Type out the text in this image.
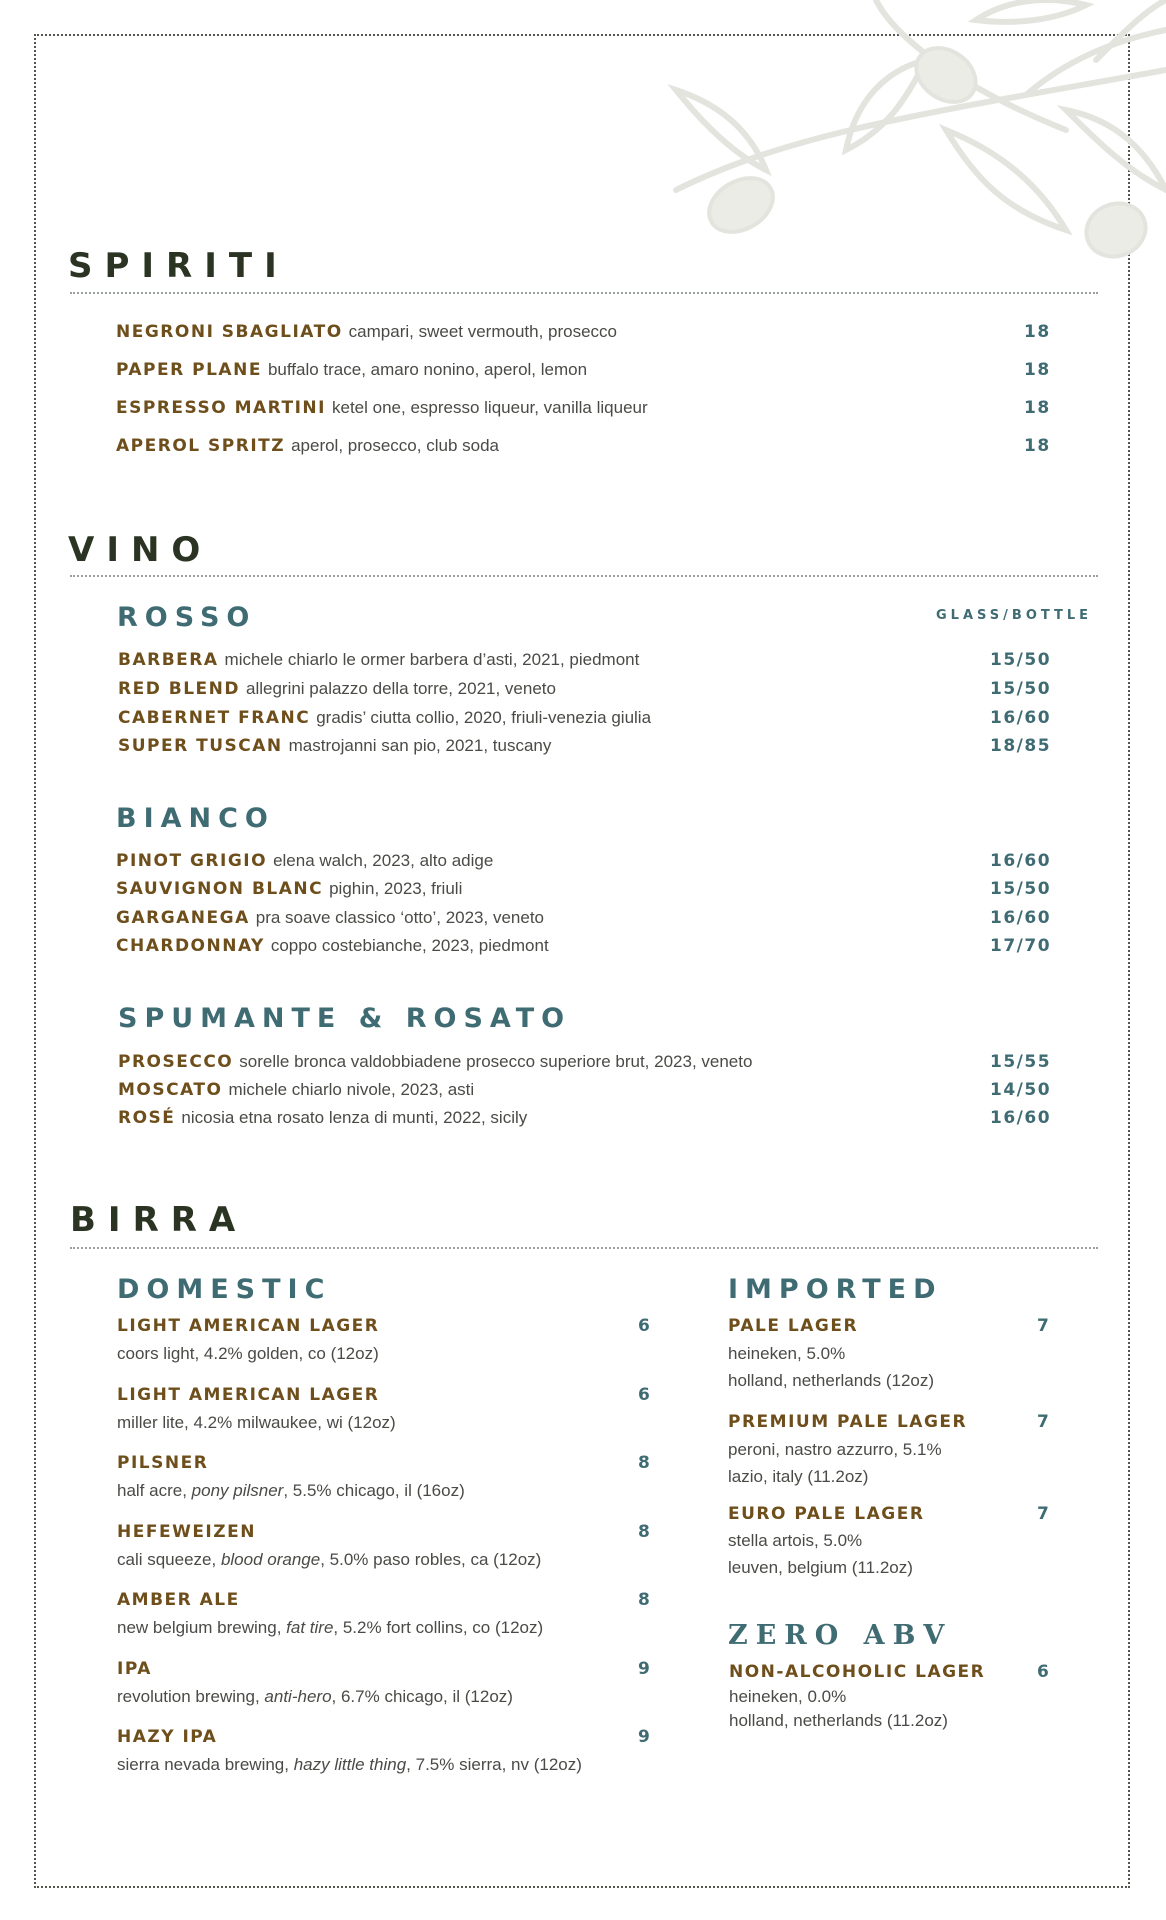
SPIRITI
NEGRONI SBAGLIATO campari, sweet vermouth, prosecco	18
PAPER PLANE buffalo trace, amaro nonino, aperol, lemon	18
ESPRESSO MARTINI ketel one, espresso liqueur, vanilla liqueur	18
APEROL SPRITZ aperol, prosecco, club soda	18
VINO
ROSSO	GLASS/BOTTLE
BARBERA michele chiarlo le ormer barbera d’asti, 2021, piedmont	15/50
RED BLEND allegrini palazzo della torre, 2021, veneto	15/50
CABERNET FRANC gradis’ ciutta collio, 2020, friuli-venezia giulia	16/60
SUPER TUSCAN mastrojanni san pio, 2021, tuscany	18/85
BIANCO
PINOT GRIGIO elena walch, 2023, alto adige	16/60
SAUVIGNON BLANC pighin, 2023, friuli	15/50
GARGANEGA pra soave classico ‘otto’, 2023, veneto	16/60
CHARDONNAY coppo costebianche, 2023, piedmont	17/70
SPUMANTE & ROSATO
PROSECCO sorelle bronca valdobbiadene prosecco superiore brut, 2023, veneto	15/55
MOSCATO michele chiarlo nivole, 2023, asti	14/50
ROSÉ nicosia etna rosato lenza di munti, 2022, sicily	16/60
BIRRA
DOMESTIC
LIGHT AMERICAN LAGER	6
coors light, 4.2% golden, co (12oz)
LIGHT AMERICAN LAGER	6
miller lite, 4.2% milwaukee, wi (12oz)
PILSNER	8
half acre, pony pilsner, 5.5% chicago, il (16oz)
HEFEWEIZEN	8
cali squeeze, blood orange, 5.0% paso robles, ca (12oz)
AMBER ALE	8
new belgium brewing, fat tire, 5.2% fort collins, co (12oz)
IPA	9
revolution brewing, anti-hero, 6.7% chicago, il (12oz)
HAZY IPA	9
sierra nevada brewing, hazy little thing, 7.5% sierra, nv (12oz)
IMPORTED
PALE LAGER	7
heineken, 5.0%
holland, netherlands (12oz)
PREMIUM PALE LAGER	7
peroni, nastro azzurro, 5.1%
lazio, italy (11.2oz)
EURO PALE LAGER	7
stella artois, 5.0%
leuven, belgium (11.2oz)
ZERO ABV
NON-ALCOHOLIC LAGER	6
heineken, 0.0%
holland, netherlands (11.2oz)
